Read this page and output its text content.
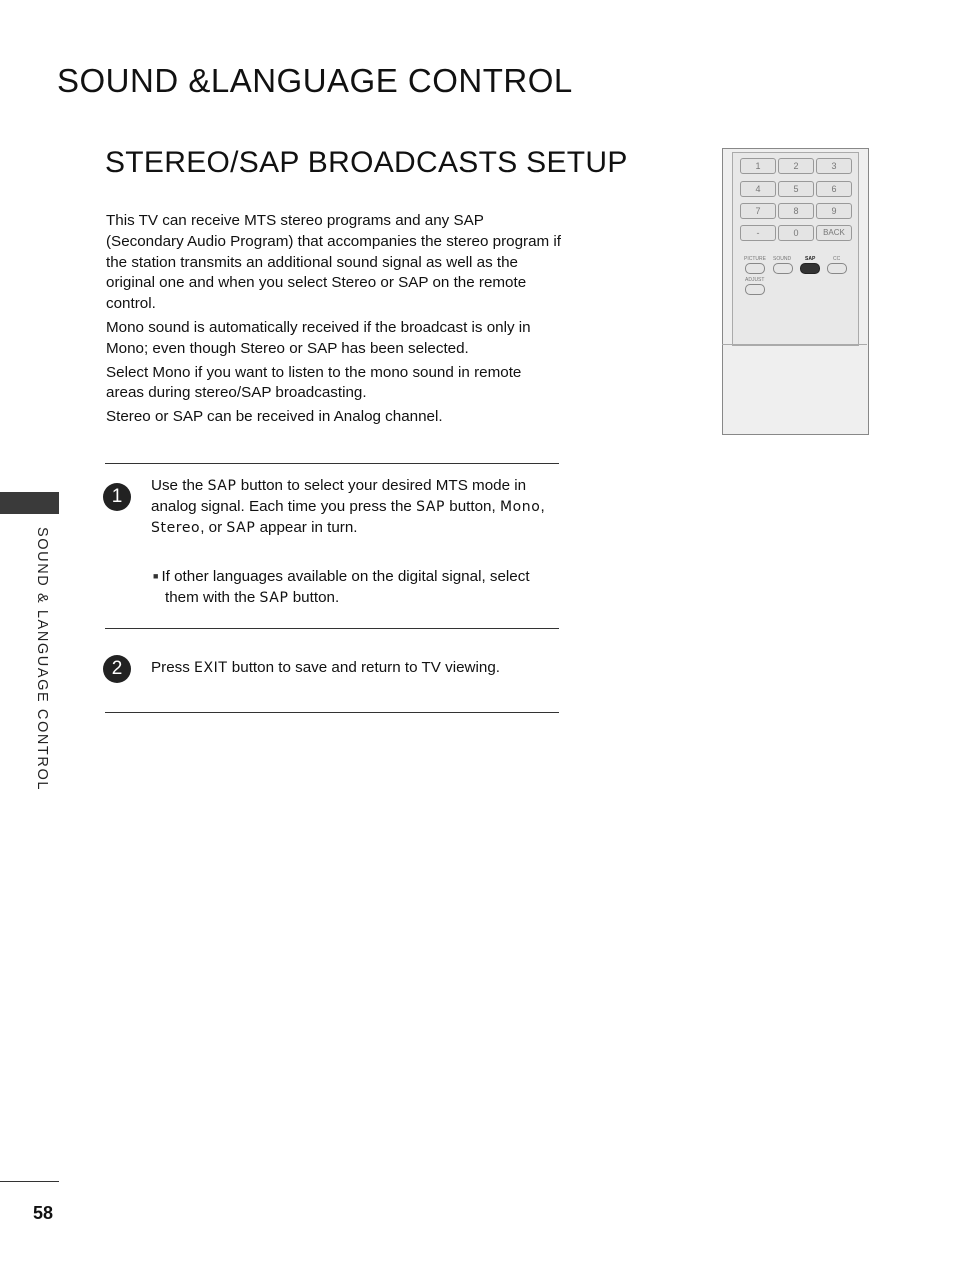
SOUND &LANGUAGE CONTROL
STEREO/SAP BROADCASTS SETUP

This TV can receive MTS stereo programs and any SAP (Secondary Audio Program) that accompanies the stereo program if the station transmits an additional sound signal as well as the original one and when you select Stereo or SAP on the remote control.

Mono sound is automatically received if the broadcast is only in Mono; even though Stereo or SAP has been selected.

Select Mono if you want to listen to the mono sound in remote areas during stereo/SAP broadcasting.

Stereo or SAP can be received in Analog channel.

1
Use the SAP button to select your desired MTS mode in analog signal. Each time you press the SAP button, Mono, Stereo, or SAP appear in turn.
■ If other languages available on the digital signal, select them with the SAP button.
2	Press EXIT button to save and return to TV viewing.
1	2	3
4	5	6
7	8	9
-	0	BACK
PICTURE SOUND	SAP	CC
ADJUST
SOUND & LANGUAGE CONTROL
58
